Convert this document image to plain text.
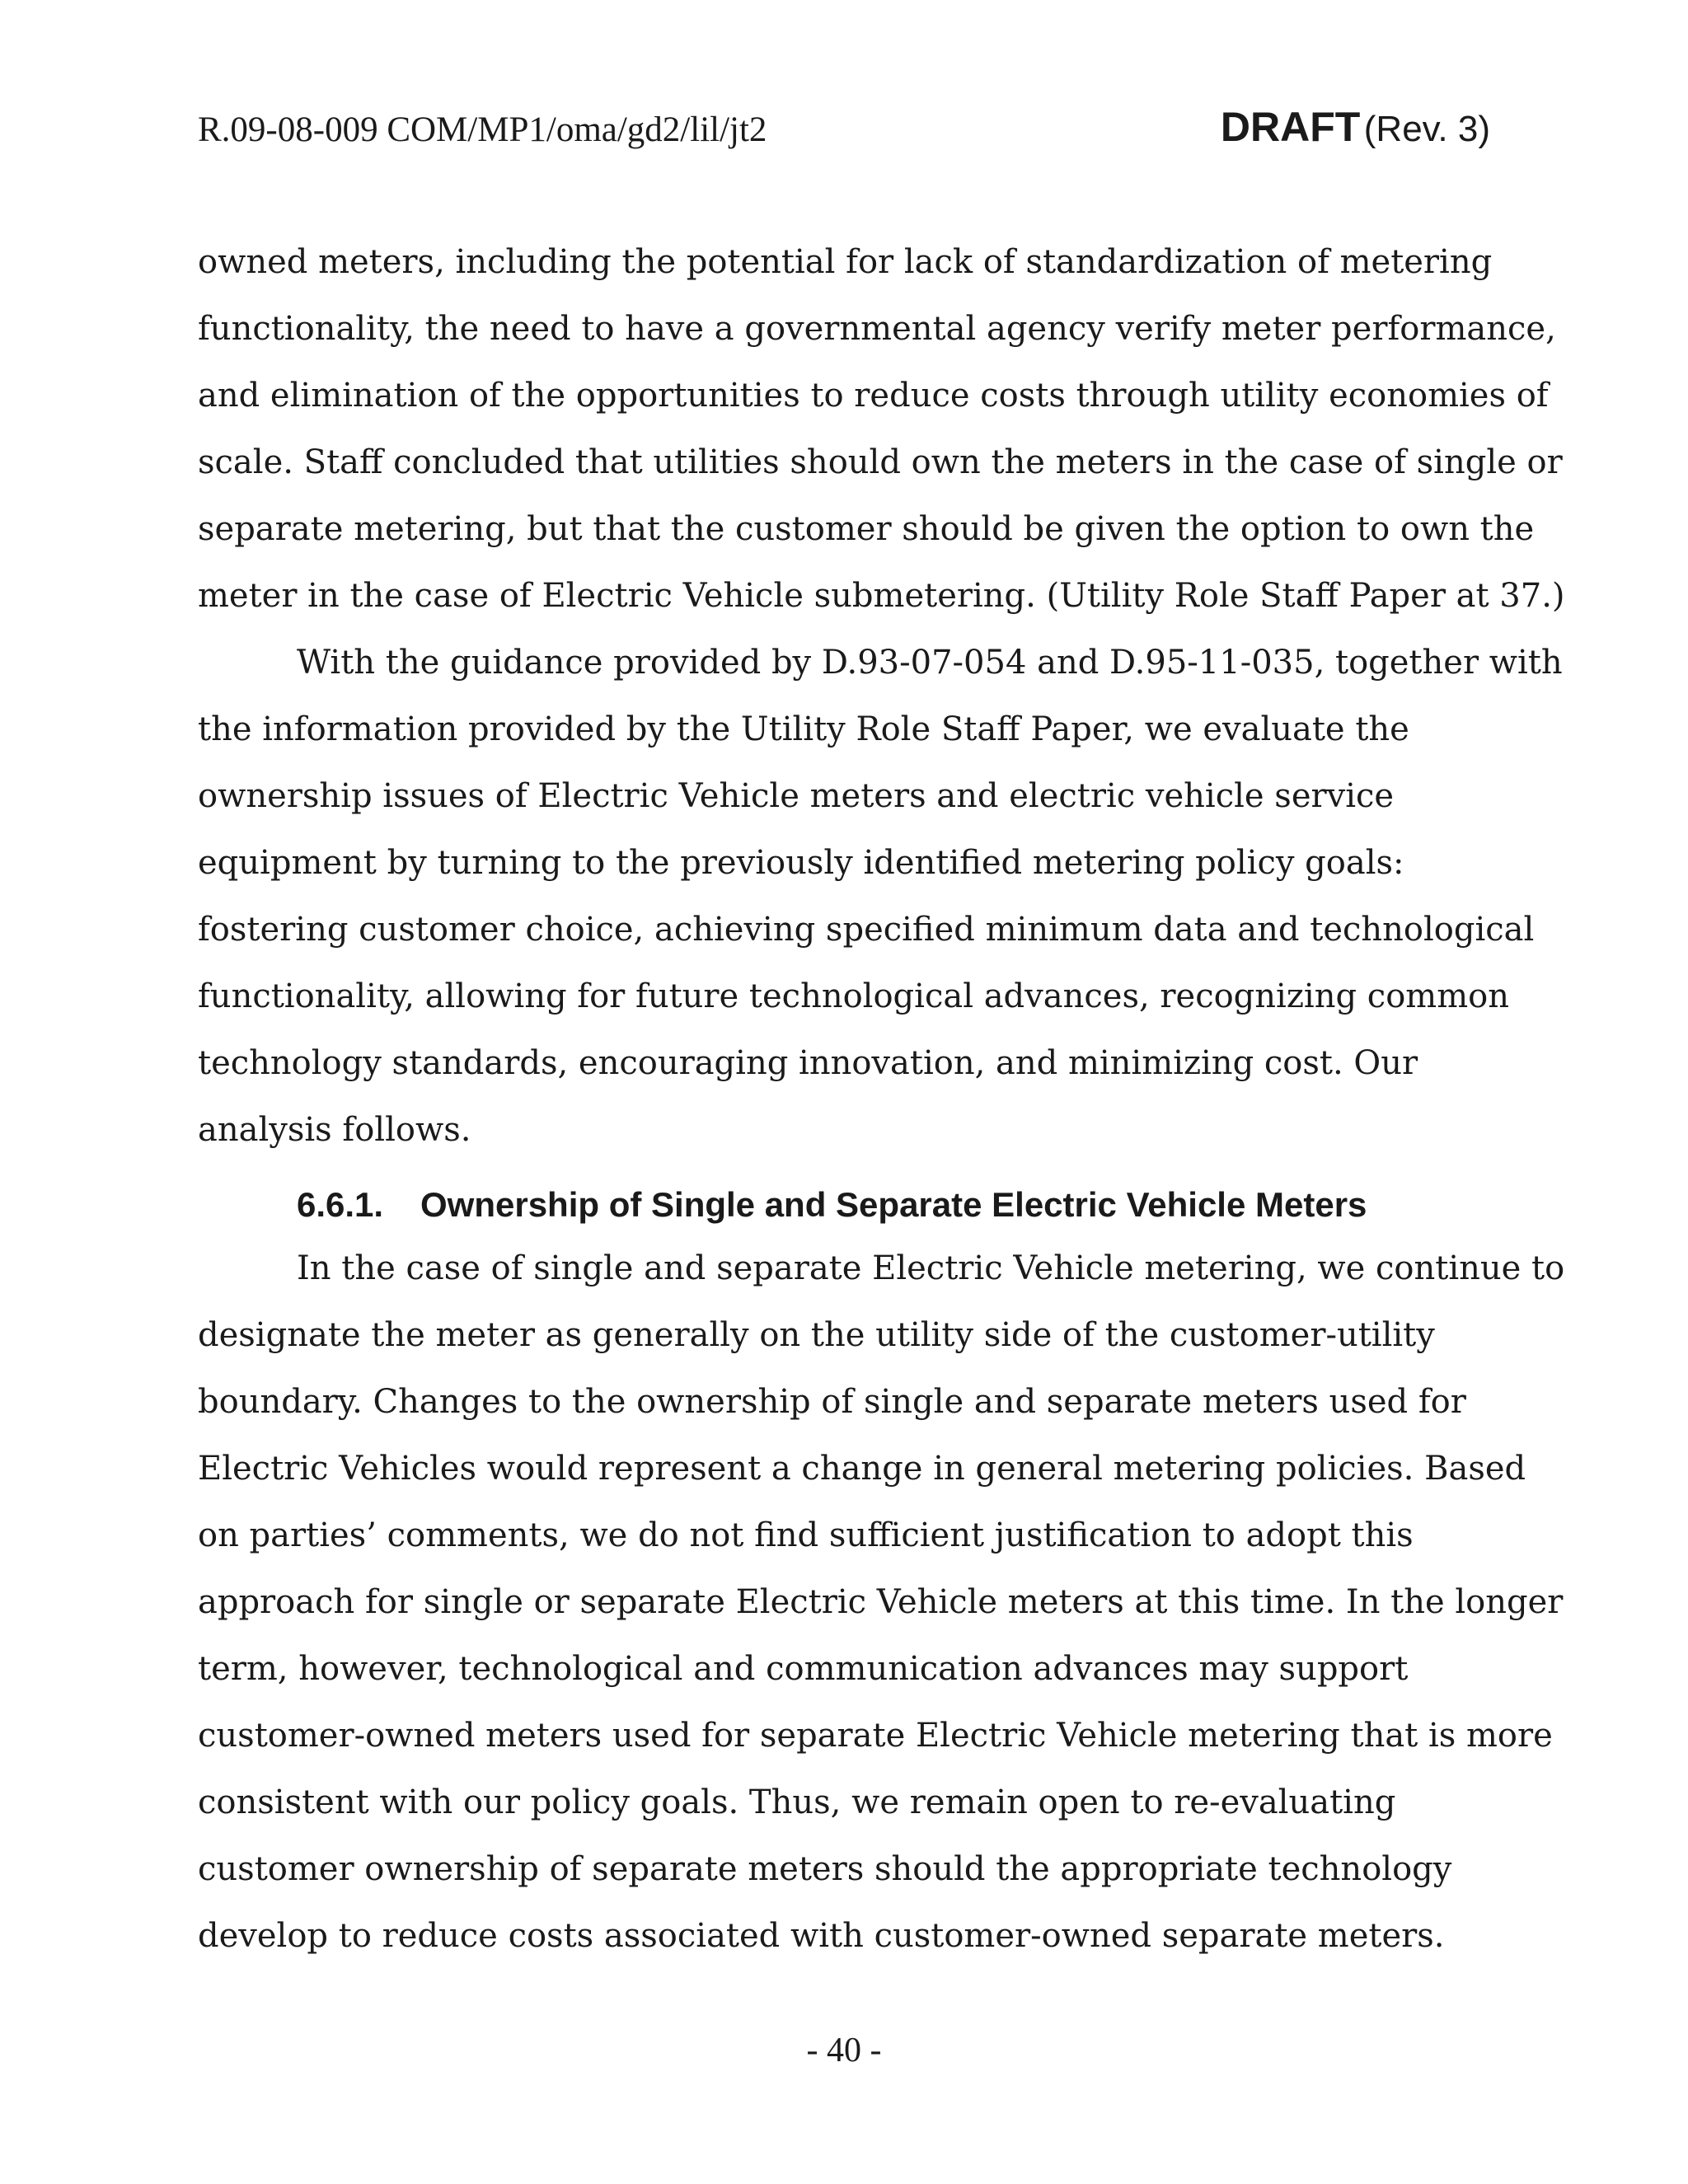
R.09-08-009 COM/MP1/oma/gd2/lil/jt2	DRAFT (Rev. 3)
owned meters, including the potential for lack of standardization of metering
functionality, the need to have a governmental agency verify meter performance,
and elimination of the opportunities to reduce costs through utility economies of
scale. Staff concluded that utilities should own the meters in the case of single or
separate metering, but that the customer should be given the option to own the
meter in the case of Electric Vehicle submetering. (Utility Role Staff Paper at 37.)
With the guidance provided by D.93-07-054 and D.95-11-035, together with
the information provided by the Utility Role Staff Paper, we evaluate the
ownership issues of Electric Vehicle meters and electric vehicle service
equipment by turning to the previously identified metering policy goals:
fostering customer choice, achieving specified minimum data and technological
functionality, allowing for future technological advances, recognizing common
technology standards, encouraging innovation, and minimizing cost. Our
analysis follows.
6.6.1. Ownership of Single and Separate Electric Vehicle Meters
In the case of single and separate Electric Vehicle metering, we continue to
designate the meter as generally on the utility side of the customer-utility
boundary. Changes to the ownership of single and separate meters used for
Electric Vehicles would represent a change in general metering policies. Based
on parties’ comments, we do not find sufficient justification to adopt this
approach for single or separate Electric Vehicle meters at this time. In the longer
term, however, technological and communication advances may support
customer-owned meters used for separate Electric Vehicle metering that is more
consistent with our policy goals. Thus, we remain open to re-evaluating
customer ownership of separate meters should the appropriate technology
develop to reduce costs associated with customer-owned separate meters.
- 40 -
